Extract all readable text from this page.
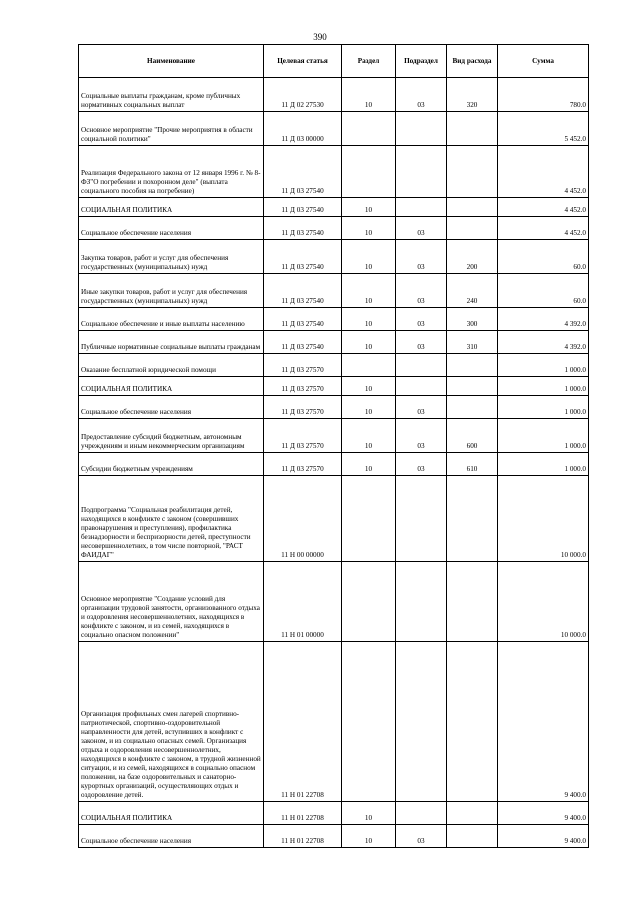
390
Наименование	Целевая статья	Раздел	Подраздел	Вид расхода	Сумма
Социальные выплаты гражданам, кроме публичных нормативных социальных выплат	11 Д 02 27530	10	03	320	780.0
Основное мероприятие "Прочие мероприятия в области социальной политики"	11 Д 03 00000				5 452.0
Реализация Федерального закона от 12 января 1996 г. № 8-ФЗ"О погребении и похоронном деле" (выплата социального пособия на погребение)	11 Д 03 27540				4 452.0
СОЦИАЛЬНАЯ ПОЛИТИКА	11 Д 03 27540	10			4 452.0
Социальное обеспечение населения	11 Д 03 27540	10	03		4 452.0
Закупка товаров, работ и услуг для обеспечения государственных (муниципальных) нужд	11 Д 03 27540	10	03	200	60.0
Иные закупки товаров, работ и услуг для обеспечения государственных (муниципальных) нужд	11 Д 03 27540	10	03	240	60.0
Социальное обеспечение и иные выплаты населению	11 Д 03 27540	10	03	300	4 392.0
Публичные нормативные социальные выплаты гражданам	11 Д 03 27540	10	03	310	4 392.0
Оказание бесплатной юридической помощи	11 Д 03 27570				1 000.0
СОЦИАЛЬНАЯ ПОЛИТИКА	11 Д 03 27570	10			1 000.0
Социальное обеспечение населения	11 Д 03 27570	10	03		1 000.0
Предоставление субсидий бюджетным, автономным учреждениям и иным некоммерческим организациям	11 Д 03 27570	10	03	600	1 000.0
Субсидии бюджетным учреждениям	11 Д 03 27570	10	03	610	1 000.0
Подпрограмма "Социальная реабилитация детей, находящихся в конфликте с законом (совершивших правонарушения и преступления), профилактика безнадзорности и беспризорности детей, преступности несовершеннолетних, в том числе повторной, "РАСТ ФАИДАГ"	11 Н 00 00000				10 000.0
Основное мероприятие "Создание условий для организации трудовой занятости, организованного отдыха и оздоровления несовершеннолетних, находящихся в конфликте с законом, и из семей, находящихся в социально опасном положении"	11 Н 01 00000				10 000.0
Организация профильных смен лагерей спортивно-патриотической, спортивно-оздоровительной направленности для детей, вступивших в конфликт с законом, и из социально опасных семей. Организация отдыха и оздоровления несовершеннолетних, находящихся в конфликте с законом, в трудной жизненной ситуации, и из семей, находящихся в социально опасном положении, на базе оздоровительных и санаторно-курортных организаций, осуществляющих отдых и оздоровление детей.	11 Н 01 22708				9 400.0
СОЦИАЛЬНАЯ ПОЛИТИКА	11 Н 01 22708	10			9 400.0
Социальное обеспечение населения	11 Н 01 22708	10	03		9 400.0
